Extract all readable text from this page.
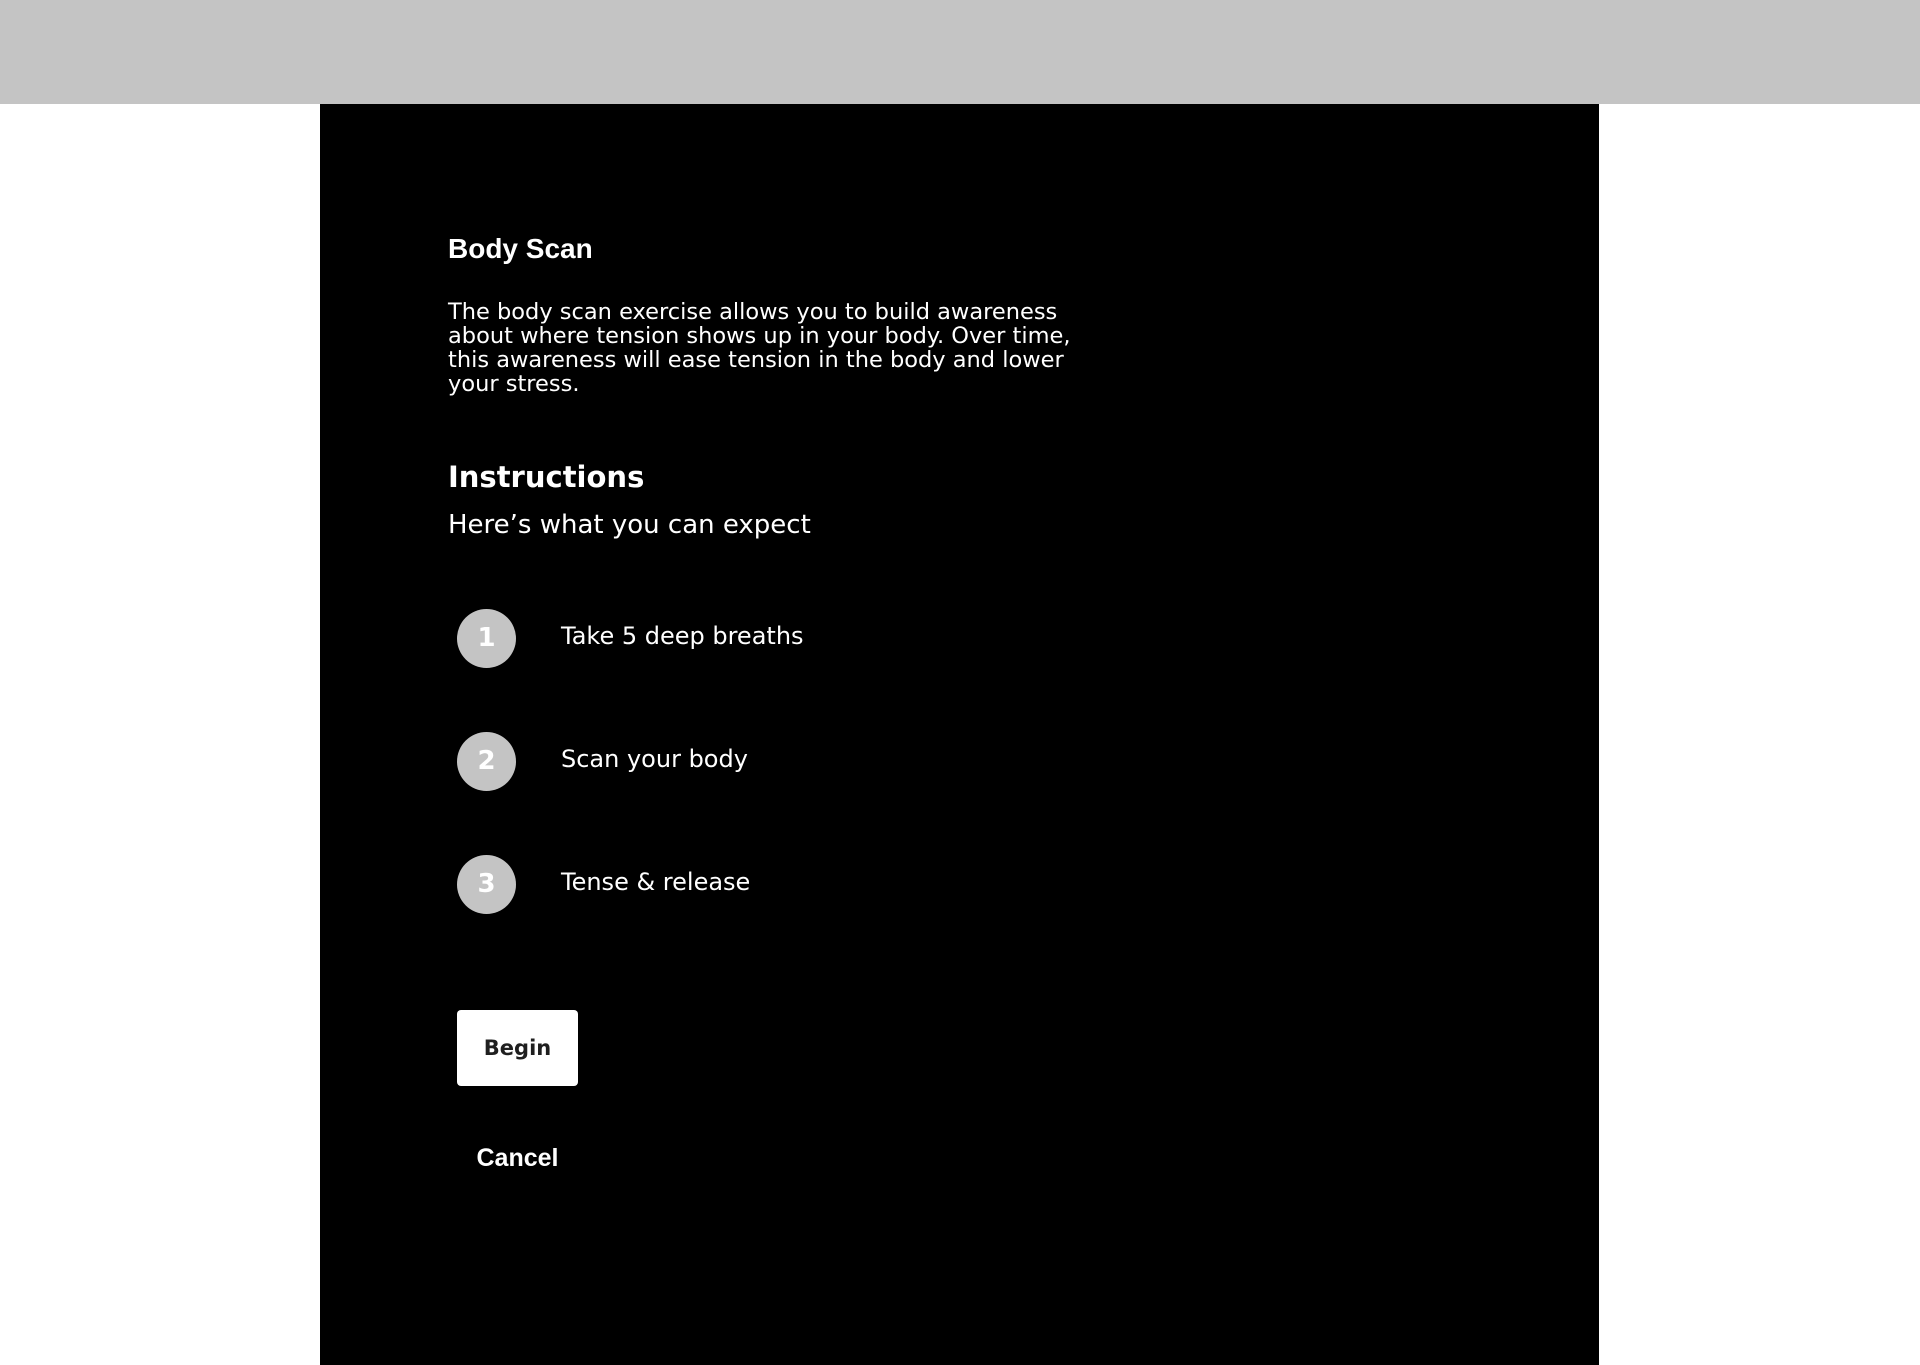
Body Scan

The body scan exercise allows you to build awareness about where tension shows up in your body. Over time, this awareness will ease tension in the body and lower your stress.

Instructions

Here’s what you can expect

1	Take 5 deep breaths
2	Scan your body
3	Tense & release
Begin
Cancel
